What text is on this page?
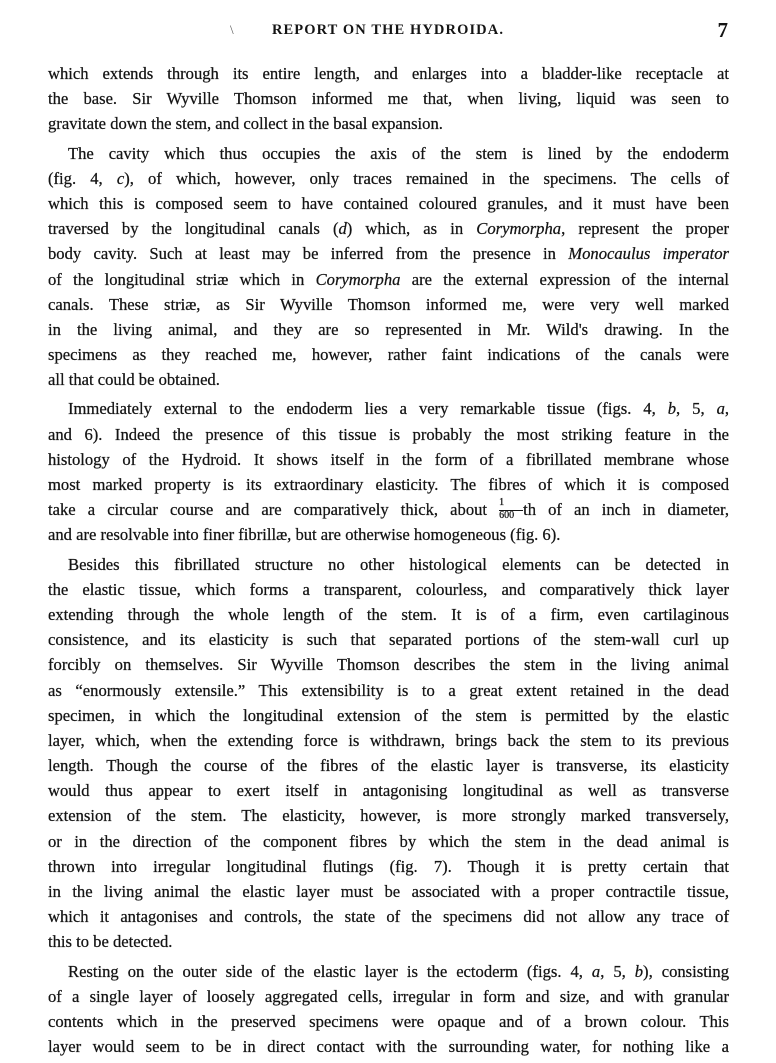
\	REPORT ON THE HYDROIDA.	7
which extends through its entire length, and enlarges into a bladder-like receptacle at
the base. Sir Wyville Thomson informed me that, when living, liquid was seen to
gravitate down the stem, and collect in the basal expansion.
The cavity which thus occupies the axis of the stem is lined by the endoderm
(fig. 4, c), of which, however, only traces remained in the specimens. The cells of
which this is composed seem to have contained coloured granules, and it must have been
traversed by the longitudinal canals (d) which, as in Corymorpha, represent the proper
body cavity. Such at least may be inferred from the presence in Monocaulus imperator
of the longitudinal striæ which in Corymorpha are the external expression of the internal
canals. These striæ, as Sir Wyville Thomson informed me, were very well marked
in the living animal, and they are so represented in Mr. Wild's drawing. In the
specimens as they reached me, however, rather faint indications of the canals were
all that could be obtained.
Immediately external to the endoderm lies a very remarkable tissue (figs. 4, b, 5, a,
and 6). Indeed the presence of this tissue is probably the most striking feature in the
histology of the Hydroid. It shows itself in the form of a fibrillated membrane whose
most marked property is its extraordinary elasticity. The fibres of which it is composed
take a circular course and are comparatively thick, about $\frac{1}{600}$ th of an inch in diameter,
and are resolvable into finer fibrillæ, but are otherwise homogeneous (fig. 6).
Besides this fibrillated structure no other histological elements can be detected in
the elastic tissue, which forms a transparent, colourless, and comparatively thick layer
extending through the whole length of the stem. It is of a firm, even cartilaginous
consistence, and its elasticity is such that separated portions of the stem-wall curl up
forcibly on themselves. Sir Wyville Thomson describes the stem in the living animal
as “enormously extensile.” This extensibility is to a great extent retained in the dead
specimen, in which the longitudinal extension of the stem is permitted by the elastic
layer, which, when the extending force is withdrawn, brings back the stem to its previous
length. Though the course of the fibres of the elastic layer is transverse, its elasticity
would thus appear to exert itself in antagonising longitudinal as well as transverse
extension of the stem. The elasticity, however, is more strongly marked transversely,
or in the direction of the component fibres by which the stem in the dead animal is
thrown into irregular longitudinal flutings (fig. 7). Though it is pretty certain that
in the living animal the elastic layer must be associated with a proper contractile tissue,
which it antagonises and controls, the state of the specimens did not allow any trace of
this to be detected.
Resting on the outer side of the elastic layer is the ectoderm (figs. 4, a, 5, b), consisting
of a single layer of loosely aggregated cells, irregular in form and size, and with granular
contents which in the preserved specimens were opaque and of a brown colour. This
layer would seem to be in direct contact with the surrounding water, for nothing like a
